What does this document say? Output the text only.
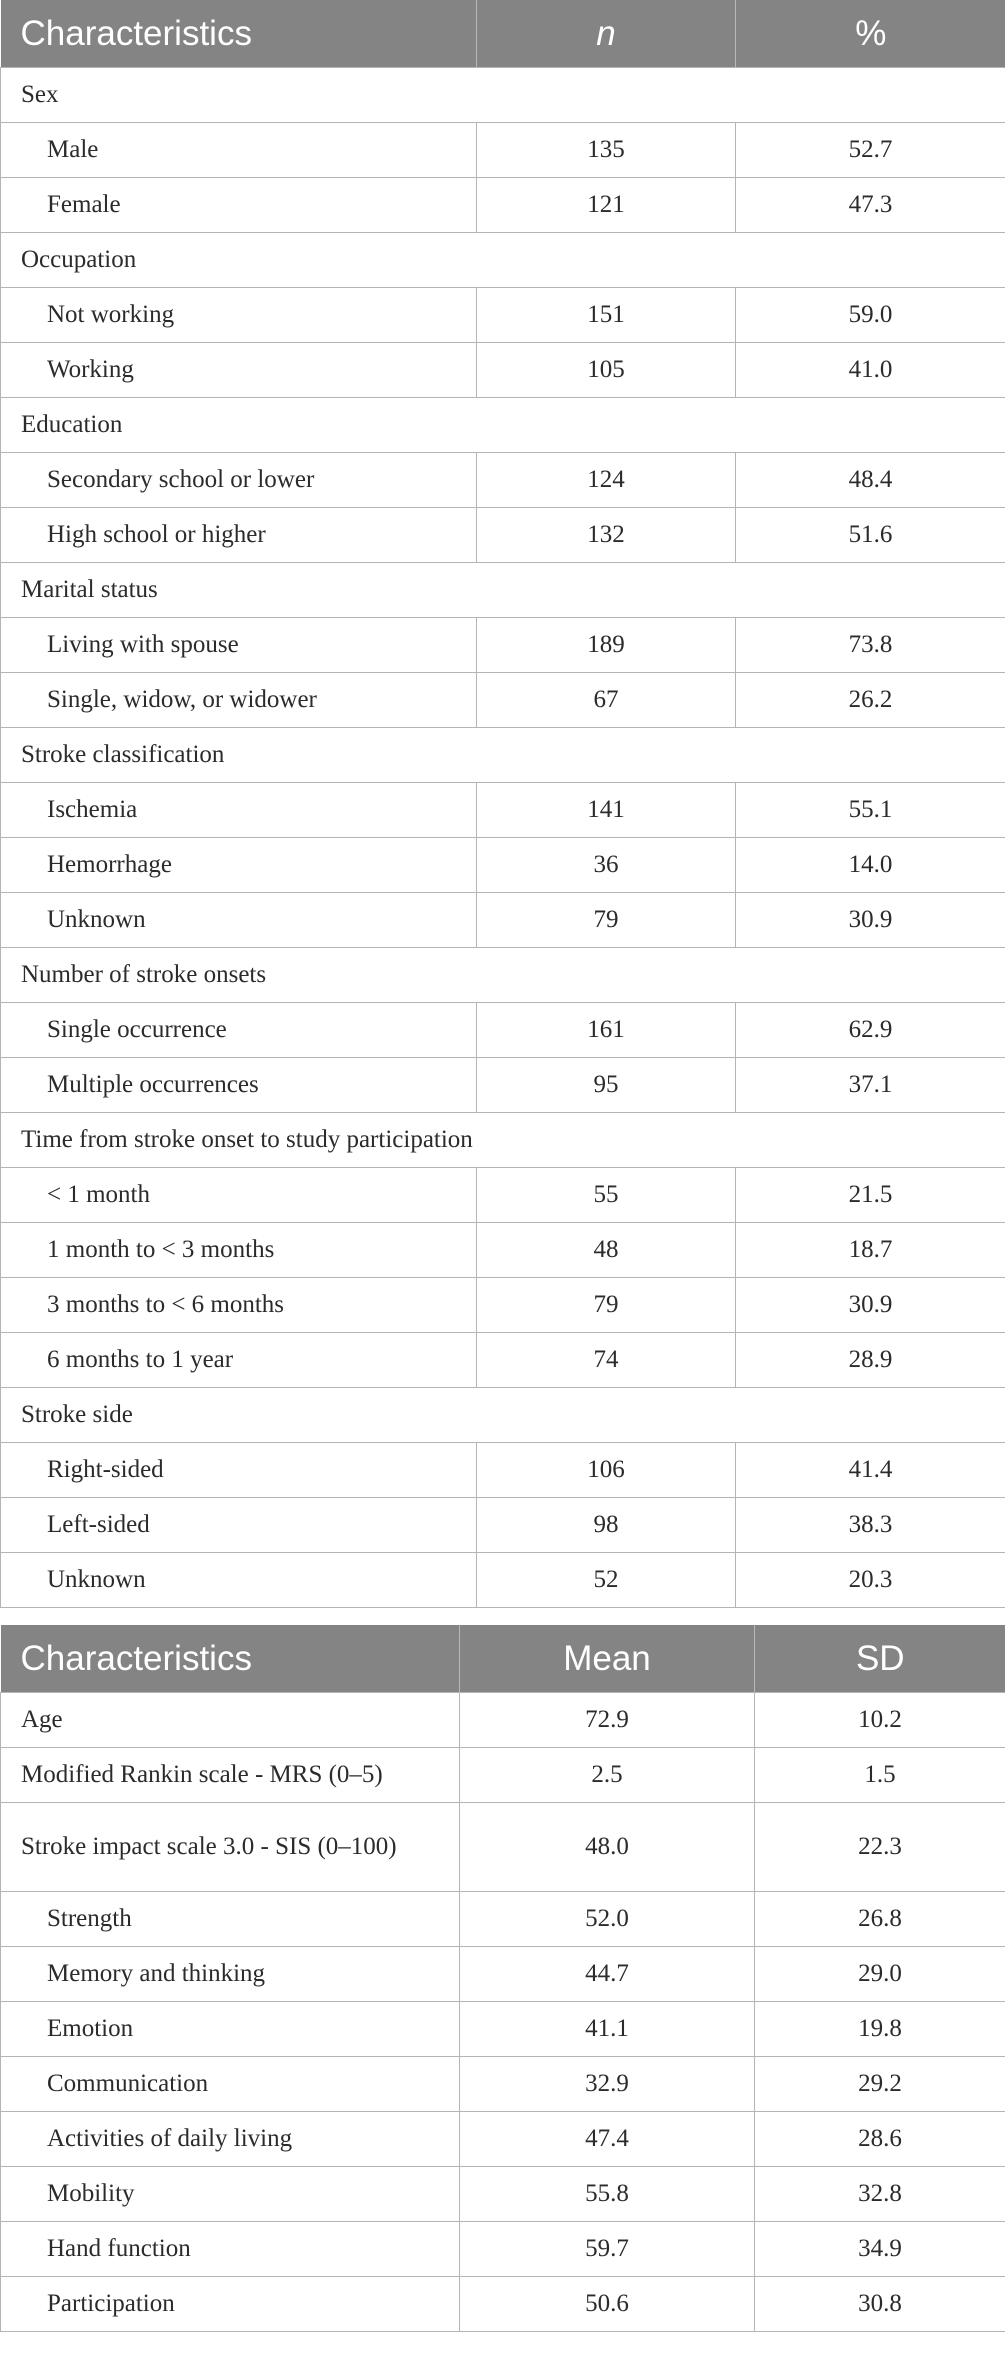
Characteristics	n	%
Sex		
Male	135	52.7
Female	121	47.3
Occupation		
Not working	151	59.0
Working	105	41.0
Education		
Secondary school or lower	124	48.4
High school or higher	132	51.6
Marital status		
Living with spouse	189	73.8
Single, widow, or widower	67	26.2
Stroke classification		
Ischemia	141	55.1
Hemorrhage	36	14.0
Unknown	79	30.9
Number of stroke onsets		
Single occurrence	161	62.9
Multiple occurrences	95	37.1
Time from stroke onset to study participation		
< 1 month	55	21.5
1 month to < 3 months	48	18.7
3 months to < 6 months	79	30.9
6 months to 1 year	74	28.9
Stroke side		
Right-sided	106	41.4
Left-sided	98	38.3
Unknown	52	20.3
Characteristics	Mean	SD
Age	72.9	10.2
Modified Rankin scale - MRS (0–5)	2.5	1.5
Stroke impact scale 3.0 - SIS (0–100)	48.0	22.3
Strength	52.0	26.8
Memory and thinking	44.7	29.0
Emotion	41.1	19.8
Communication	32.9	29.2
Activities of daily living	47.4	28.6
Mobility	55.8	32.8
Hand function	59.7	34.9
Participation	50.6	30.8
